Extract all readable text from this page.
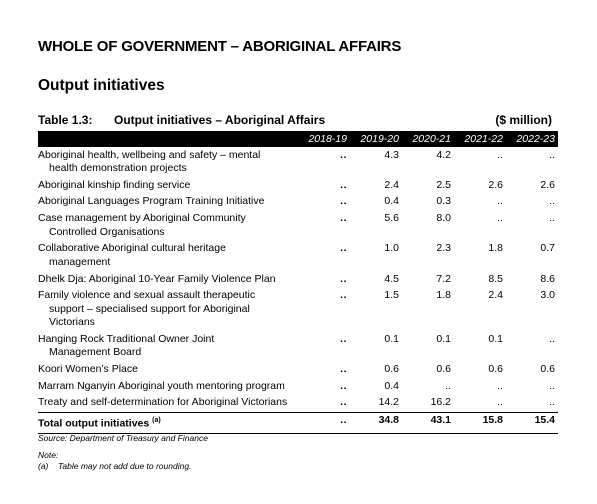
WHOLE OF GOVERNMENT – ABORIGINAL AFFAIRS
Output initiatives
Table 1.3: Output initiatives – Aboriginal Affairs	($ million)
	2018-19	2019-20	2020-21	2021-22	2022-23
Aboriginal health, wellbeing and safety – mental
health demonstration projects	..	4.3	4.2	..	..
Aboriginal kinship finding service	..	2.4	2.5	2.6	2.6
Aboriginal Languages Program Training Initiative	..	0.4	0.3	..	..
Case management by Aboriginal Community
Controlled Organisations	..	5.6	8.0	..	..
Collaborative Aboriginal cultural heritage
management	..	1.0	2.3	1.8	0.7
Dhelk Dja: Aboriginal 10-Year Family Violence Plan	..	4.5	7.2	8.5	8.6
Family violence and sexual assault therapeutic
support – specialised support for Aboriginal
Victorians	..	1.5	1.8	2.4	3.0
Hanging Rock Traditional Owner Joint
Management Board	..	0.1	0.1	0.1	..
Koori Women’s Place	..	0.6	0.6	0.6	0.6
Marram Nganyin Aboriginal youth mentoring program	..	0.4	..	..	..
Treaty and self-determination for Aboriginal Victorians	..	14.2	16.2	..	..
Total output initiatives $^{(a)}$	..	34.8	43.1	15.8	15.4
Source: Department of Treasury and Finance
Note:
(a) Table may not add due to rounding.
